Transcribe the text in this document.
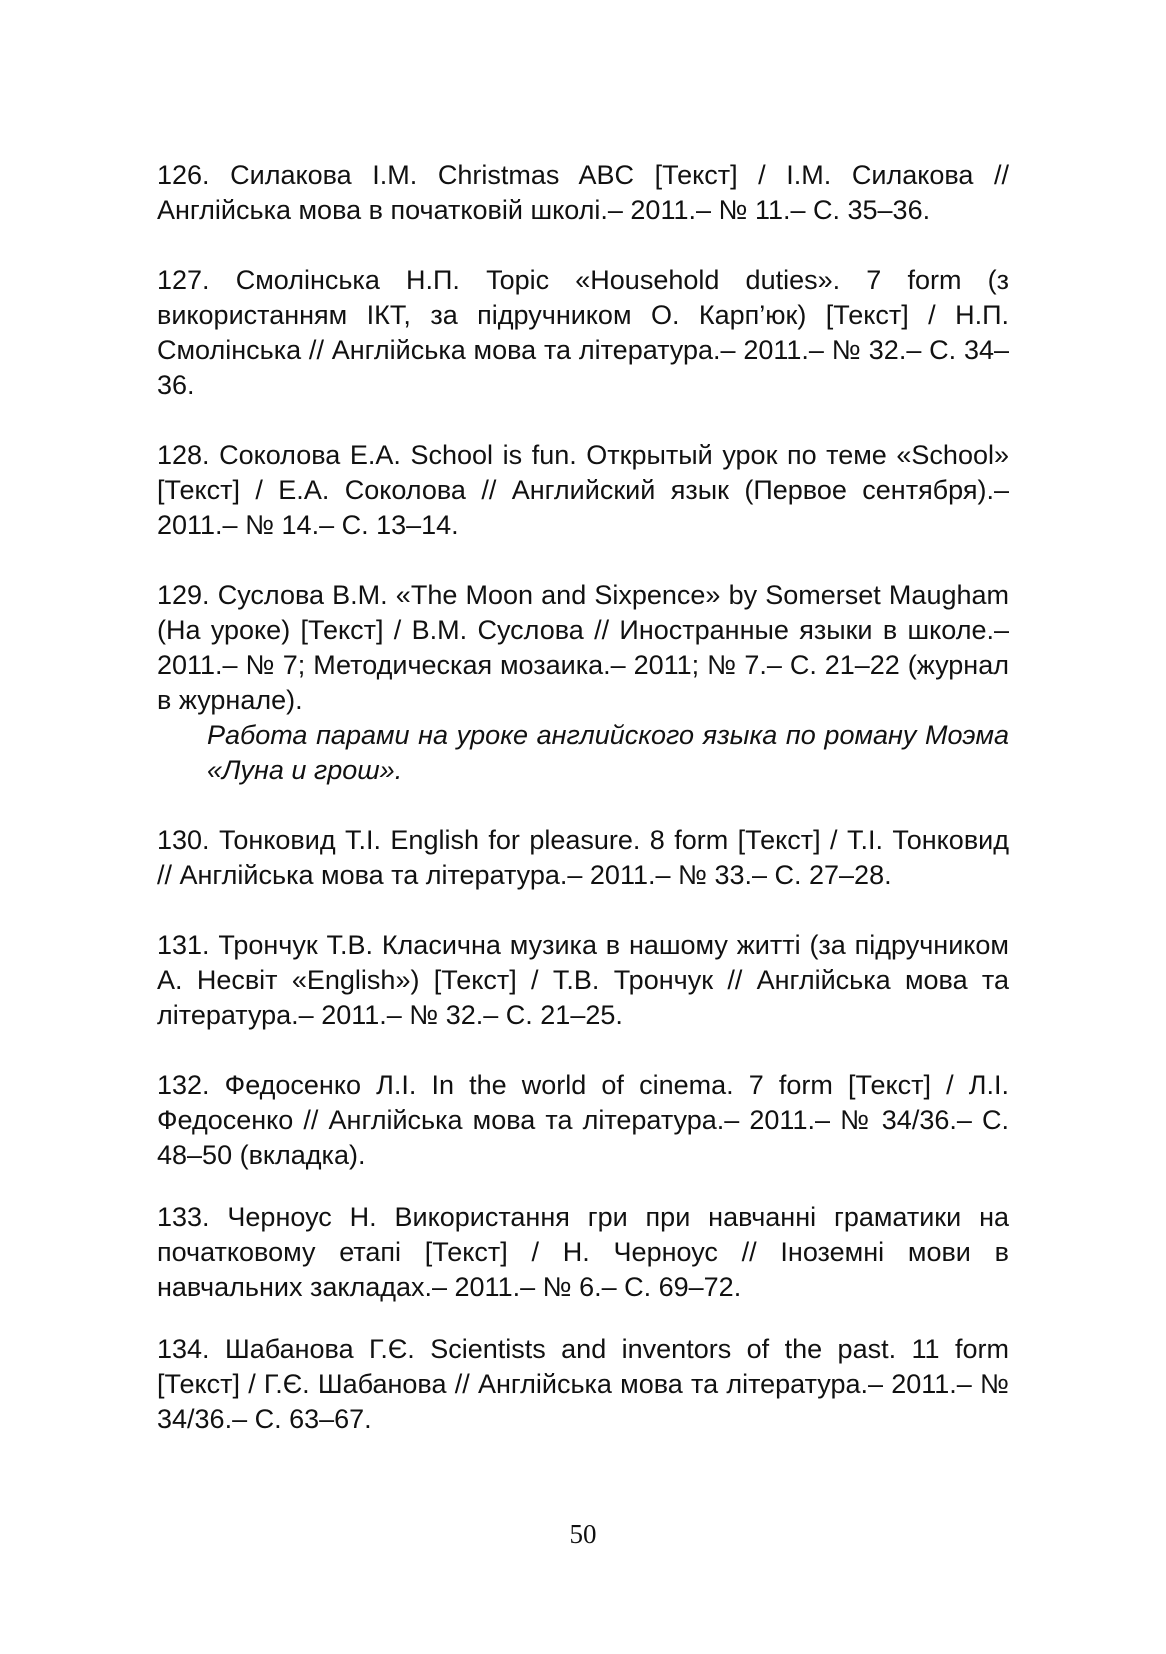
126. Силакова І.М. Christmas ABC [Текст] / І.М. Силакова // Англійська мова в початковій школі.– 2011.– № 11.– С. 35–36.

127. Смолінська Н.П. Topic «Household duties». 7 form (з використанням ІКТ, за підручником О. Карп’юк) [Текст] / Н.П. Смолінська // Англійська мова та література.– 2011.– № 32.– С. 34–36.

128. Соколова Е.А. School is fun. Открытый урок по теме «School» [Текст] / Е.А. Соколова // Английский язык (Первое сентября).– 2011.– № 14.– С. 13–14.

129. Суслова В.М. «The Moon and Sixpence» by Somerset Maugham (На уроке) [Текст] / В.М. Суслова // Иностранные языки в школе.– 2011.– № 7; Методическая мозаика.– 2011; № 7.– С. 21–22 (журнал в журнале).

Работа парами на уроке английского языка по роману Моэма «Луна и грош».

130. Тонковид Т.І. English for pleasure. 8 form [Текст] / Т.І. Тонковид // Англійська мова та література.– 2011.– № 33.– С. 27–28.

131. Трончук Т.В. Класична музика в нашому житті (за підручником А. Несвіт «English») [Текст] / Т.В. Трончук // Англійська мова та література.– 2011.– № 32.– С. 21–25.

132. Федосенко Л.І. In the world of cinema. 7 form [Текст] / Л.І. Федосенко // Англійська мова та література.– 2011.– № 34/36.– С. 48–50 (вкладка).

133. Черноус Н. Використання гри при навчанні граматики на початковому етапі [Текст] / Н. Черноус // Іноземні мови в навчальних закладах.– 2011.– № 6.– С. 69–72.

134. Шабанова Г.Є. Scientists and inventors of the past. 11 form [Текст] / Г.Є. Шабанова // Англійська мова та література.– 2011.– № 34/36.– С. 63–67.

50
